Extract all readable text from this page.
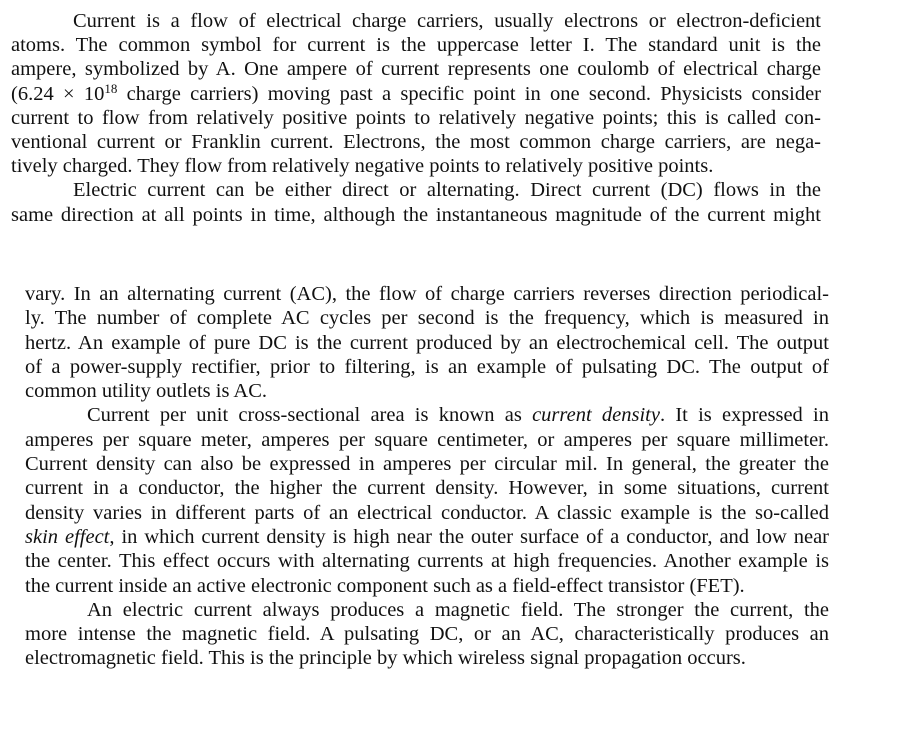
Current is a flow of electrical charge carriers, usually electrons or electron-deficient
atoms. The common symbol for current is the uppercase letter I. The standard unit is the
ampere, symbolized by A. One ampere of current represents one coulomb of electrical charge
($6.24 \times 10^{18}$ charge carriers) moving past a specific point in one second. Physicists consider
current to flow from relatively positive points to relatively negative points; this is called con-
ventional current or Franklin current. Electrons, the most common charge carriers, are nega-
tively charged. They flow from relatively negative points to relatively positive points.

Electric current can be either direct or alternating. Direct current (DC) flows in the
same direction at all points in time, although the instantaneous magnitude of the current might

vary. In an alternating current (AC), the flow of charge carriers reverses direction periodical-
ly. The number of complete AC cycles per second is the frequency, which is measured in
hertz. An example of pure DC is the current produced by an electrochemical cell. The output
of a power-supply rectifier, prior to filtering, is an example of pulsating DC. The output of
common utility outlets is AC.

Current per unit cross-sectional area is known as current density. It is expressed in
amperes per square meter, amperes per square centimeter, or amperes per square millimeter.
Current density can also be expressed in amperes per circular mil. In general, the greater the
current in a conductor, the higher the current density. However, in some situations, current
density varies in different parts of an electrical conductor. A classic example is the so-called
skin effect, in which current density is high near the outer surface of a conductor, and low near
the center. This effect occurs with alternating currents at high frequencies. Another example is
the current inside an active electronic component such as a field-effect transistor (FET).

An electric current always produces a magnetic field. The stronger the current, the
more intense the magnetic field. A pulsating DC, or an AC, characteristically produces an
electromagnetic field. This is the principle by which wireless signal propagation occurs.
